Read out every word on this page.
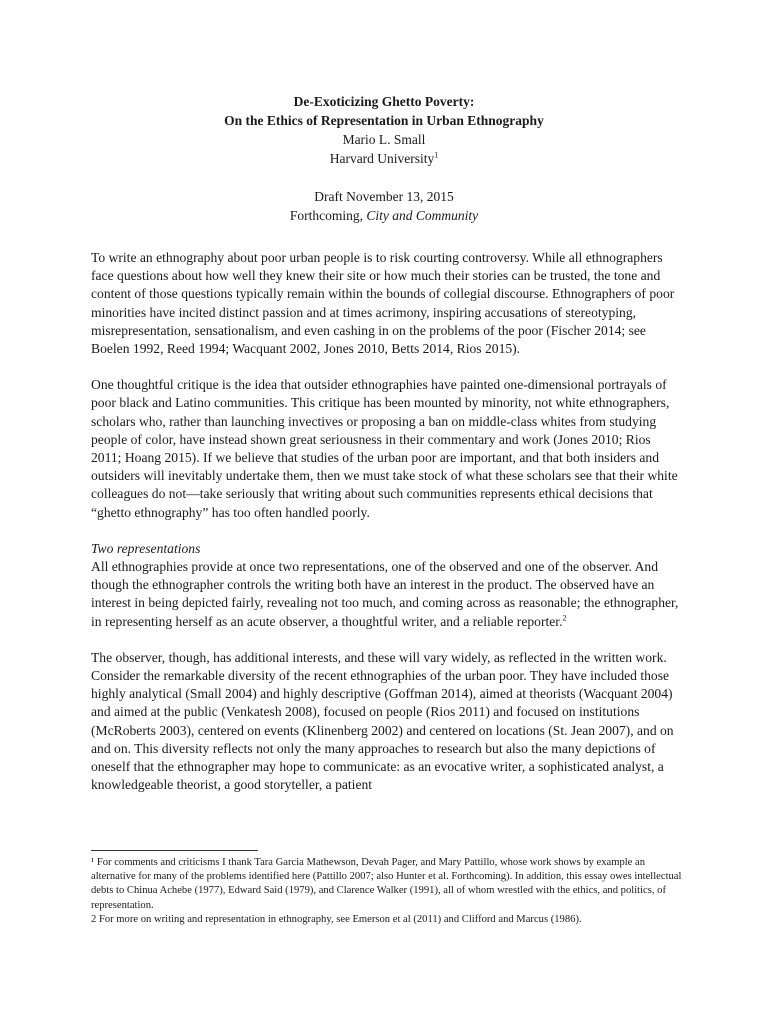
De-Exoticizing Ghetto Poverty:
On the Ethics of Representation in Urban Ethnography
Mario L. Small
Harvard University$^1$
Draft November 13, 2015
Forthcoming, City and Community

To write an ethnography about poor urban people is to risk courting controversy. While all ethnographers face questions about how well they knew their site or how much their stories can be trusted, the tone and content of those questions typically remain within the bounds of collegial discourse. Ethnographers of poor minorities have incited distinct passion and at times acrimony, inspiring accusations of stereotyping, misrepresentation, sensationalism, and even cashing in on the problems of the poor (Fischer 2014; see Boelen 1992, Reed 1994; Wacquant 2002, Jones 2010, Betts 2014, Rios 2015).

One thoughtful critique is the idea that outsider ethnographies have painted one-dimensional portrayals of poor black and Latino communities. This critique has been mounted by minority, not white ethnographers, scholars who, rather than launching invectives or proposing a ban on middle-class whites from studying people of color, have instead shown great seriousness in their commentary and work (Jones 2010; Rios 2011; Hoang 2015). If we believe that studies of the urban poor are important, and that both insiders and outsiders will inevitably undertake them, then we must take stock of what these scholars see that their white colleagues do not—take seriously that writing about such communities represents ethical decisions that “ghetto ethnography” has too often handled poorly.

Two representations
All ethnographies provide at once two representations, one of the observed and one of the observer. And though the ethnographer controls the writing both have an interest in the product. The observed have an interest in being depicted fairly, revealing not too much, and coming across as reasonable; the ethnographer, in representing herself as an acute observer, a thoughtful writer, and a reliable reporter.$^2$

The observer, though, has additional interests, and these will vary widely, as reflected in the written work. Consider the remarkable diversity of the recent ethnographies of the urban poor. They have included those highly analytical (Small 2004) and highly descriptive (Goffman 2014), aimed at theorists (Wacquant 2004) and aimed at the public (Venkatesh 2008), focused on people (Rios 2011) and focused on institutions (McRoberts 2003), centered on events (Klinenberg 2002) and centered on locations (St. Jean 2007), and on and on. This diversity reflects not only the many approaches to research but also the many depictions of oneself that the ethnographer may hope to communicate: as an evocative writer, a sophisticated analyst, a knowledgeable theorist, a good storyteller, a patient

¹ For comments and criticisms I thank Tara Garcia Mathewson, Devah Pager, and Mary Pattillo, whose work shows by example an alternative for many of the problems identified here (Pattillo 2007; also Hunter et al. Forthcoming). In addition, this essay owes intellectual debts to Chinua Achebe (1977), Edward Said (1979), and Clarence Walker (1991), all of whom wrestled with the ethics, and politics, of representation.

2 For more on writing and representation in ethnography, see Emerson et al (2011) and Clifford and Marcus (1986).
